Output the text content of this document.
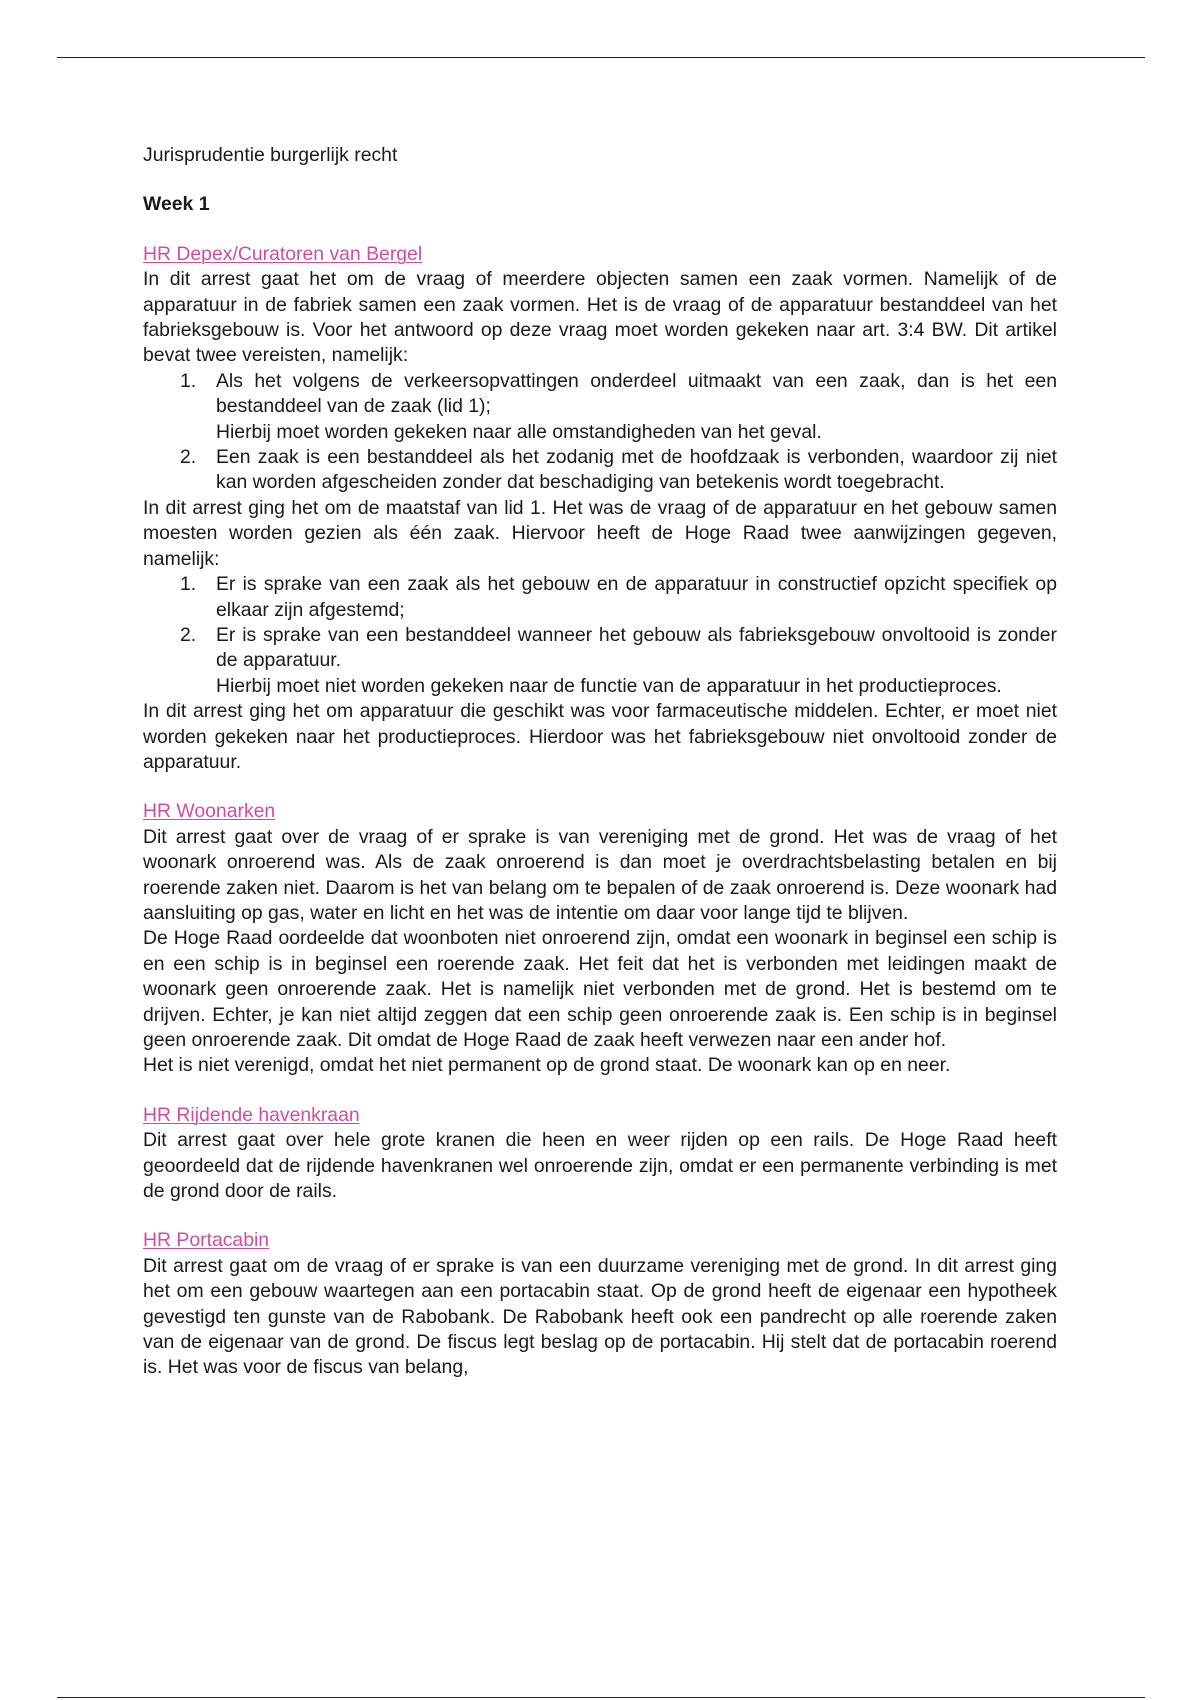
Jurisprudentie burgerlijk recht

Week 1

HR Depex/Curatoren van Bergel

In dit arrest gaat het om de vraag of meerdere objecten samen een zaak vormen. Namelijk of de apparatuur in de fabriek samen een zaak vormen. Het is de vraag of de apparatuur bestanddeel van het fabrieksgebouw is. Voor het antwoord op deze vraag moet worden gekeken naar art. 3:4 BW. Dit artikel bevat twee vereisten, namelijk:

1. Als het volgens de verkeersopvattingen onderdeel uitmaakt van een zaak, dan is het een bestanddeel van de zaak (lid 1);
Hierbij moet worden gekeken naar alle omstandigheden van het geval.
2. Een zaak is een bestanddeel als het zodanig met de hoofdzaak is verbonden, waardoor zij niet kan worden afgescheiden zonder dat beschadiging van betekenis wordt toegebracht.

In dit arrest ging het om de maatstaf van lid 1. Het was de vraag of de apparatuur en het gebouw samen moesten worden gezien als één zaak. Hiervoor heeft de Hoge Raad twee aanwijzingen gegeven, namelijk:

1. Er is sprake van een zaak als het gebouw en de apparatuur in constructief opzicht specifiek op elkaar zijn afgestemd;
2. Er is sprake van een bestanddeel wanneer het gebouw als fabrieksgebouw onvoltooid is zonder de apparatuur.
Hierbij moet niet worden gekeken naar de functie van de apparatuur in het productieproces.

In dit arrest ging het om apparatuur die geschikt was voor farmaceutische middelen. Echter, er moet niet worden gekeken naar het productieproces. Hierdoor was het fabrieksgebouw niet onvoltooid zonder de apparatuur.

HR Woonarken

Dit arrest gaat over de vraag of er sprake is van vereniging met de grond. Het was de vraag of het woonark onroerend was. Als de zaak onroerend is dan moet je overdrachtsbelasting betalen en bij roerende zaken niet. Daarom is het van belang om te bepalen of de zaak onroerend is. Deze woonark had aansluiting op gas, water en licht en het was de intentie om daar voor lange tijd te blijven.

De Hoge Raad oordeelde dat woonboten niet onroerend zijn, omdat een woonark in beginsel een schip is en een schip is in beginsel een roerende zaak. Het feit dat het is verbonden met leidingen maakt de woonark geen onroerende zaak. Het is namelijk niet verbonden met de grond. Het is bestemd om te drijven. Echter, je kan niet altijd zeggen dat een schip geen onroerende zaak is. Een schip is in beginsel geen onroerende zaak. Dit omdat de Hoge Raad de zaak heeft verwezen naar een ander hof.

Het is niet verenigd, omdat het niet permanent op de grond staat. De woonark kan op en neer.

HR Rijdende havenkraan

Dit arrest gaat over hele grote kranen die heen en weer rijden op een rails. De Hoge Raad heeft geoordeeld dat de rijdende havenkranen wel onroerende zijn, omdat er een permanente verbinding is met de grond door de rails.

HR Portacabin

Dit arrest gaat om de vraag of er sprake is van een duurzame vereniging met de grond. In dit arrest ging het om een gebouw waartegen aan een portacabin staat. Op de grond heeft de eigenaar een hypotheek gevestigd ten gunste van de Rabobank. De Rabobank heeft ook een pandrecht op alle roerende zaken van de eigenaar van de grond. De fiscus legt beslag op de portacabin. Hij stelt dat de portacabin roerend is. Het was voor de fiscus van belang,
